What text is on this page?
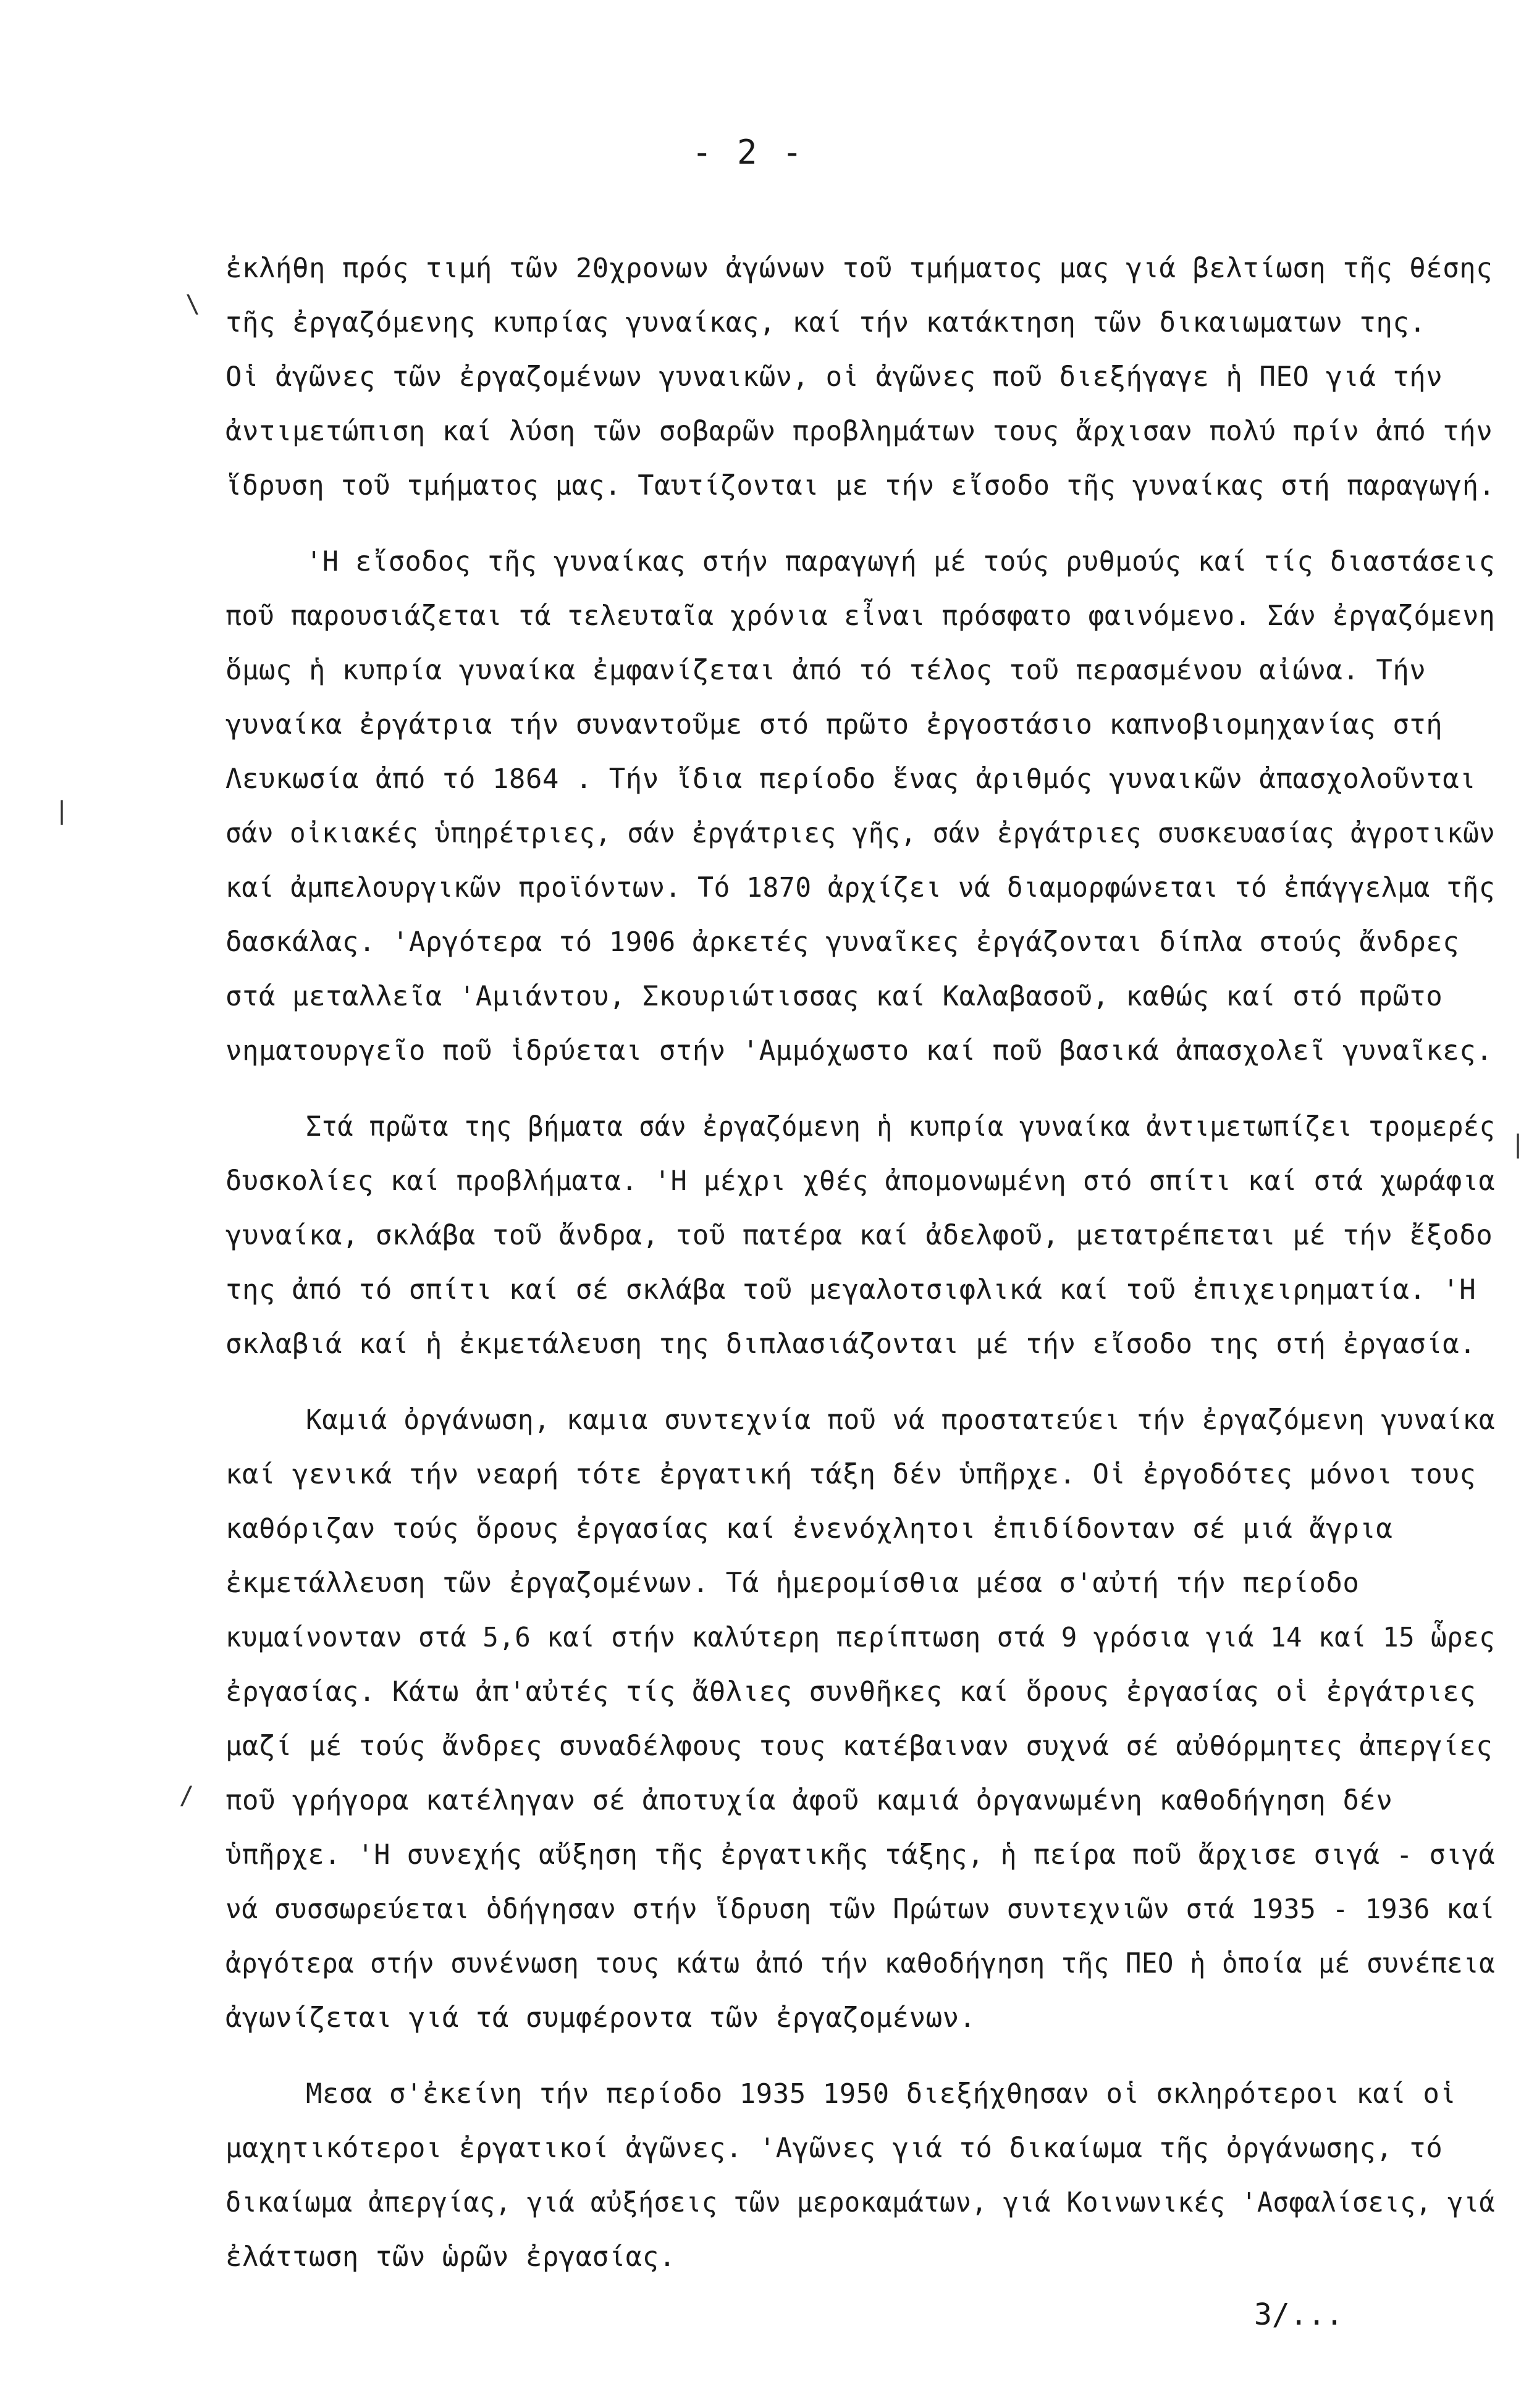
- 2 -
ἐκλήθη πρός τιμή τῶν 20χρονων ἀγώνων τοῦ τμήματος μας γιά βελτίωση τῆς θέσης
τῆς ἐργαζόμενης κυπρίας γυναίκας, καί τήν κατάκτηση τῶν δικαιωματων της.
Οἱ ἀγῶνες τῶν ἐργαζομένων γυναικῶν, οἱ ἀγῶνες ποῦ διεξήγαγε ἡ ΠΕΟ γιά τήν
ἀντιμετώπιση καί λύση τῶν σοβαρῶν προβλημάτων τους ἄρχισαν πολύ πρίν ἀπό τήν
ἵδρυση τοῦ τμήματος μας. Ταυτίζονται με τήν εἴσοδο τῆς γυναίκας στή παραγωγή.
'Η εἴσοδος τῆς γυναίκας στήν παραγωγή μέ τούς ρυθμούς καί τίς διαστάσεις
ποῦ παρουσιάζεται τά τελευταῖα χρόνια εἶναι πρόσφατο φαινόμενο. Σάν ἐργαζόμενη
ὅμως ἡ κυπρία γυναίκα ἐμφανίζεται ἀπό τό τέλος τοῦ περασμένου αἰώνα. Τήν
γυναίκα ἐργάτρια τήν συναντοῦμε στό πρῶτο ἐργοστάσιο καπνοβιομηχανίας στή
Λευκωσία ἀπό τό 1864 . Τήν ἴδια περίοδο ἕνας ἀριθμός γυναικῶν ἀπασχολοῦνται
σάν οἰκιακές ὑπηρέτριες, σάν ἐργάτριες γῆς, σάν ἐργάτριες συσκευασίας ἀγροτικῶν
καί ἀμπελουργικῶν προϊόντων. Τό 1870 ἀρχίζει νά διαμορφώνεται τό ἐπάγγελμα τῆς
δασκάλας. 'Αργότερα τό 1906 ἀρκετές γυναῖκες ἐργάζονται δίπλα στούς ἄνδρες
στά μεταλλεῖα 'Αμιάντου, Σκουριώτισσας καί Καλαβασοῦ, καθώς καί στό πρῶτο
νηματουργεῖο ποῦ ἱδρύεται στήν 'Αμμόχωστο καί ποῦ βασικά ἀπασχολεῖ γυναῖκες.
Στά πρῶτα της βήματα σάν ἐργαζόμενη ἡ κυπρία γυναίκα ἀντιμετωπίζει τρομερές
δυσκολίες καί προβλήματα. 'Η μέχρι χθές ἀπομονωμένη στό σπίτι καί στά χωράφια
γυναίκα, σκλάβα τοῦ ἄνδρα, τοῦ πατέρα καί ἀδελφοῦ, μετατρέπεται μέ τήν ἔξοδο
της ἀπό τό σπίτι καί σέ σκλάβα τοῦ μεγαλοτσιφλικά καί τοῦ ἐπιχειρηματία. 'Η
σκλαβιά καί ἡ ἐκμετάλευση της διπλασιάζονται μέ τήν εἴσοδο της στή ἐργασία.
Καμιά ὀργάνωση, καμια συντεχνία ποῦ νά προστατεύει τήν ἐργαζόμενη γυναίκα
καί γενικά τήν νεαρή τότε ἐργατική τάξη δέν ὑπῆρχε. Οἱ ἐργοδότες μόνοι τους
καθόριζαν τούς ὅρους ἐργασίας καί ἐνενόχλητοι ἐπιδίδονταν σέ μιά ἄγρια
ἐκμετάλλευση τῶν ἐργαζομένων. Τά ἡμερομίσθια μέσα σ'αὐτή τήν περίοδο
κυμαίνονταν στά 5,6 καί στήν καλύτερη περίπτωση στά 9 γρόσια γιά 14 καί 15 ὧρες
ἐργασίας. Κάτω ἀπ'αὐτές τίς ἄθλιες συνθῆκες καί ὅρους ἐργασίας οἱ ἐργάτριες
μαζί μέ τούς ἄνδρες συναδέλφους τους κατέβαιναν συχνά σέ αὐθόρμητες ἀπεργίες
ποῦ γρήγορα κατέληγαν σέ ἀποτυχία ἀφοῦ καμιά ὀργανωμένη καθοδήγηση δέν
ὑπῆρχε. 'Η συνεχής αὔξηση τῆς ἐργατικῆς τάξης, ἡ πείρα ποῦ ἄρχισε σιγά - σιγά
νά συσσωρεύεται ὁδήγησαν στήν ἵδρυση τῶν Πρώτων συντεχνιῶν στά 1935 - 1936 καί
ἀργότερα στήν συνένωση τους κάτω ἀπό τήν καθοδήγηση τῆς ΠΕΟ ἡ ὁποία μέ συνέπεια
ἀγωνίζεται γιά τά συμφέροντα τῶν ἐργαζομένων.
Μεσα σ'ἐκείνη τήν περίοδο 1935 1950 διεξήχθησαν οἱ σκληρότεροι καί οἱ
μαχητικότεροι ἐργατικοί ἀγῶνες. 'Αγῶνες γιά τό δικαίωμα τῆς ὀργάνωσης, τό
δικαίωμα ἀπεργίας, γιά αὐξήσεις τῶν μεροκαμάτων, γιά Κοινωνικές 'Ασφαλίσεις, γιά
ἐλάττωση τῶν ὡρῶν ἐργασίας.
3/...
\
|
|
/
